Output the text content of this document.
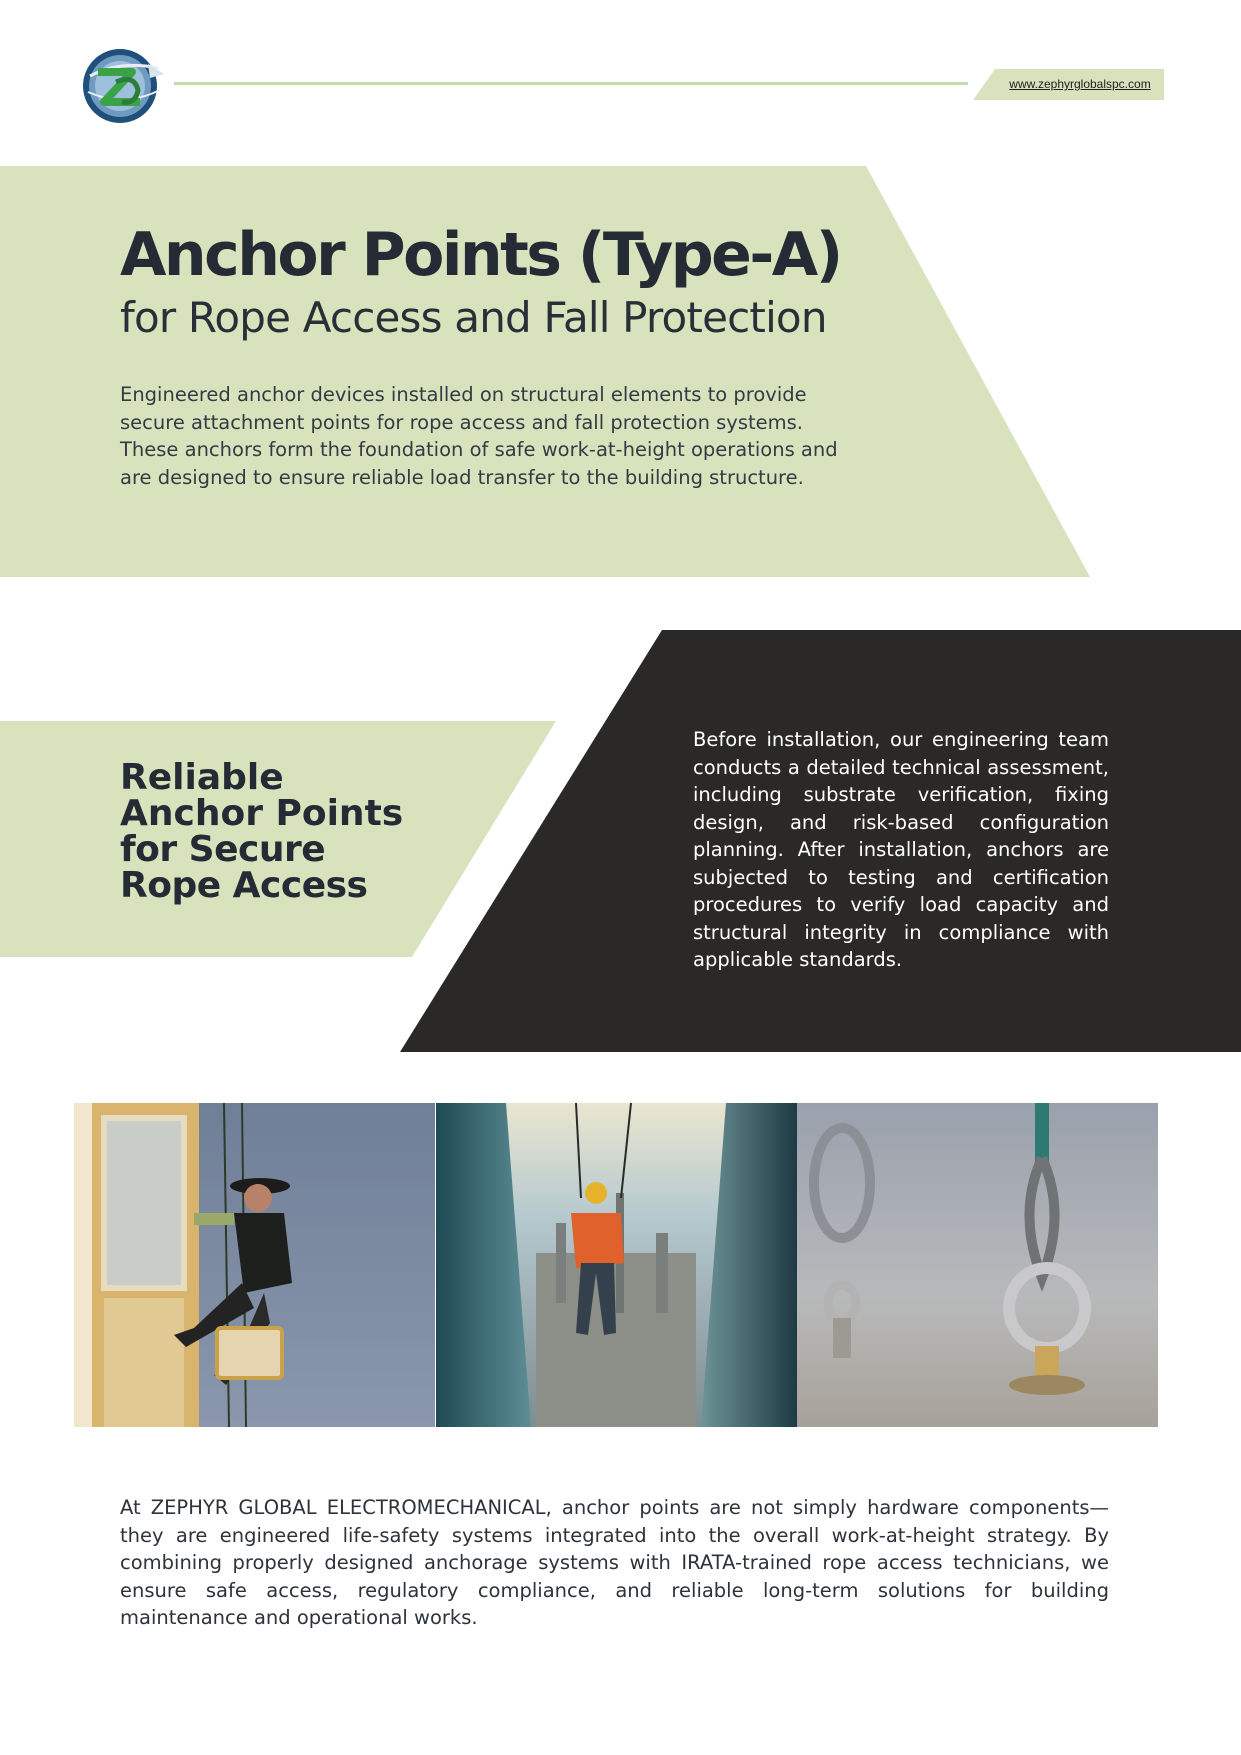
www.zephyrglobalspc.com
Anchor Points (Type-A)
for Rope Access and Fall Protection

Engineered anchor devices installed on structural elements to provide secure attachment points for rope access and fall protection systems. These anchors form the foundation of safe work-at-height operations and are designed to ensure reliable load transfer to the building structure.

Reliable
Anchor Points
for Secure
Rope Access

Before installation, our engineering team conducts a detailed technical assessment, including substrate verification, fixing design, and risk-based configuration planning. After installation, anchors are subjected to testing and certification procedures to verify load capacity and structural integrity in compliance with applicable standards.

At ZEPHYR GLOBAL ELECTROMECHANICAL, anchor points are not simply hardware components—they are engineered life-safety systems integrated into the overall work-at-height strategy. By combining properly designed anchorage systems with IRATA-trained rope access technicians, we ensure safe access, regulatory compliance, and reliable long-term solutions for building maintenance and operational works.
